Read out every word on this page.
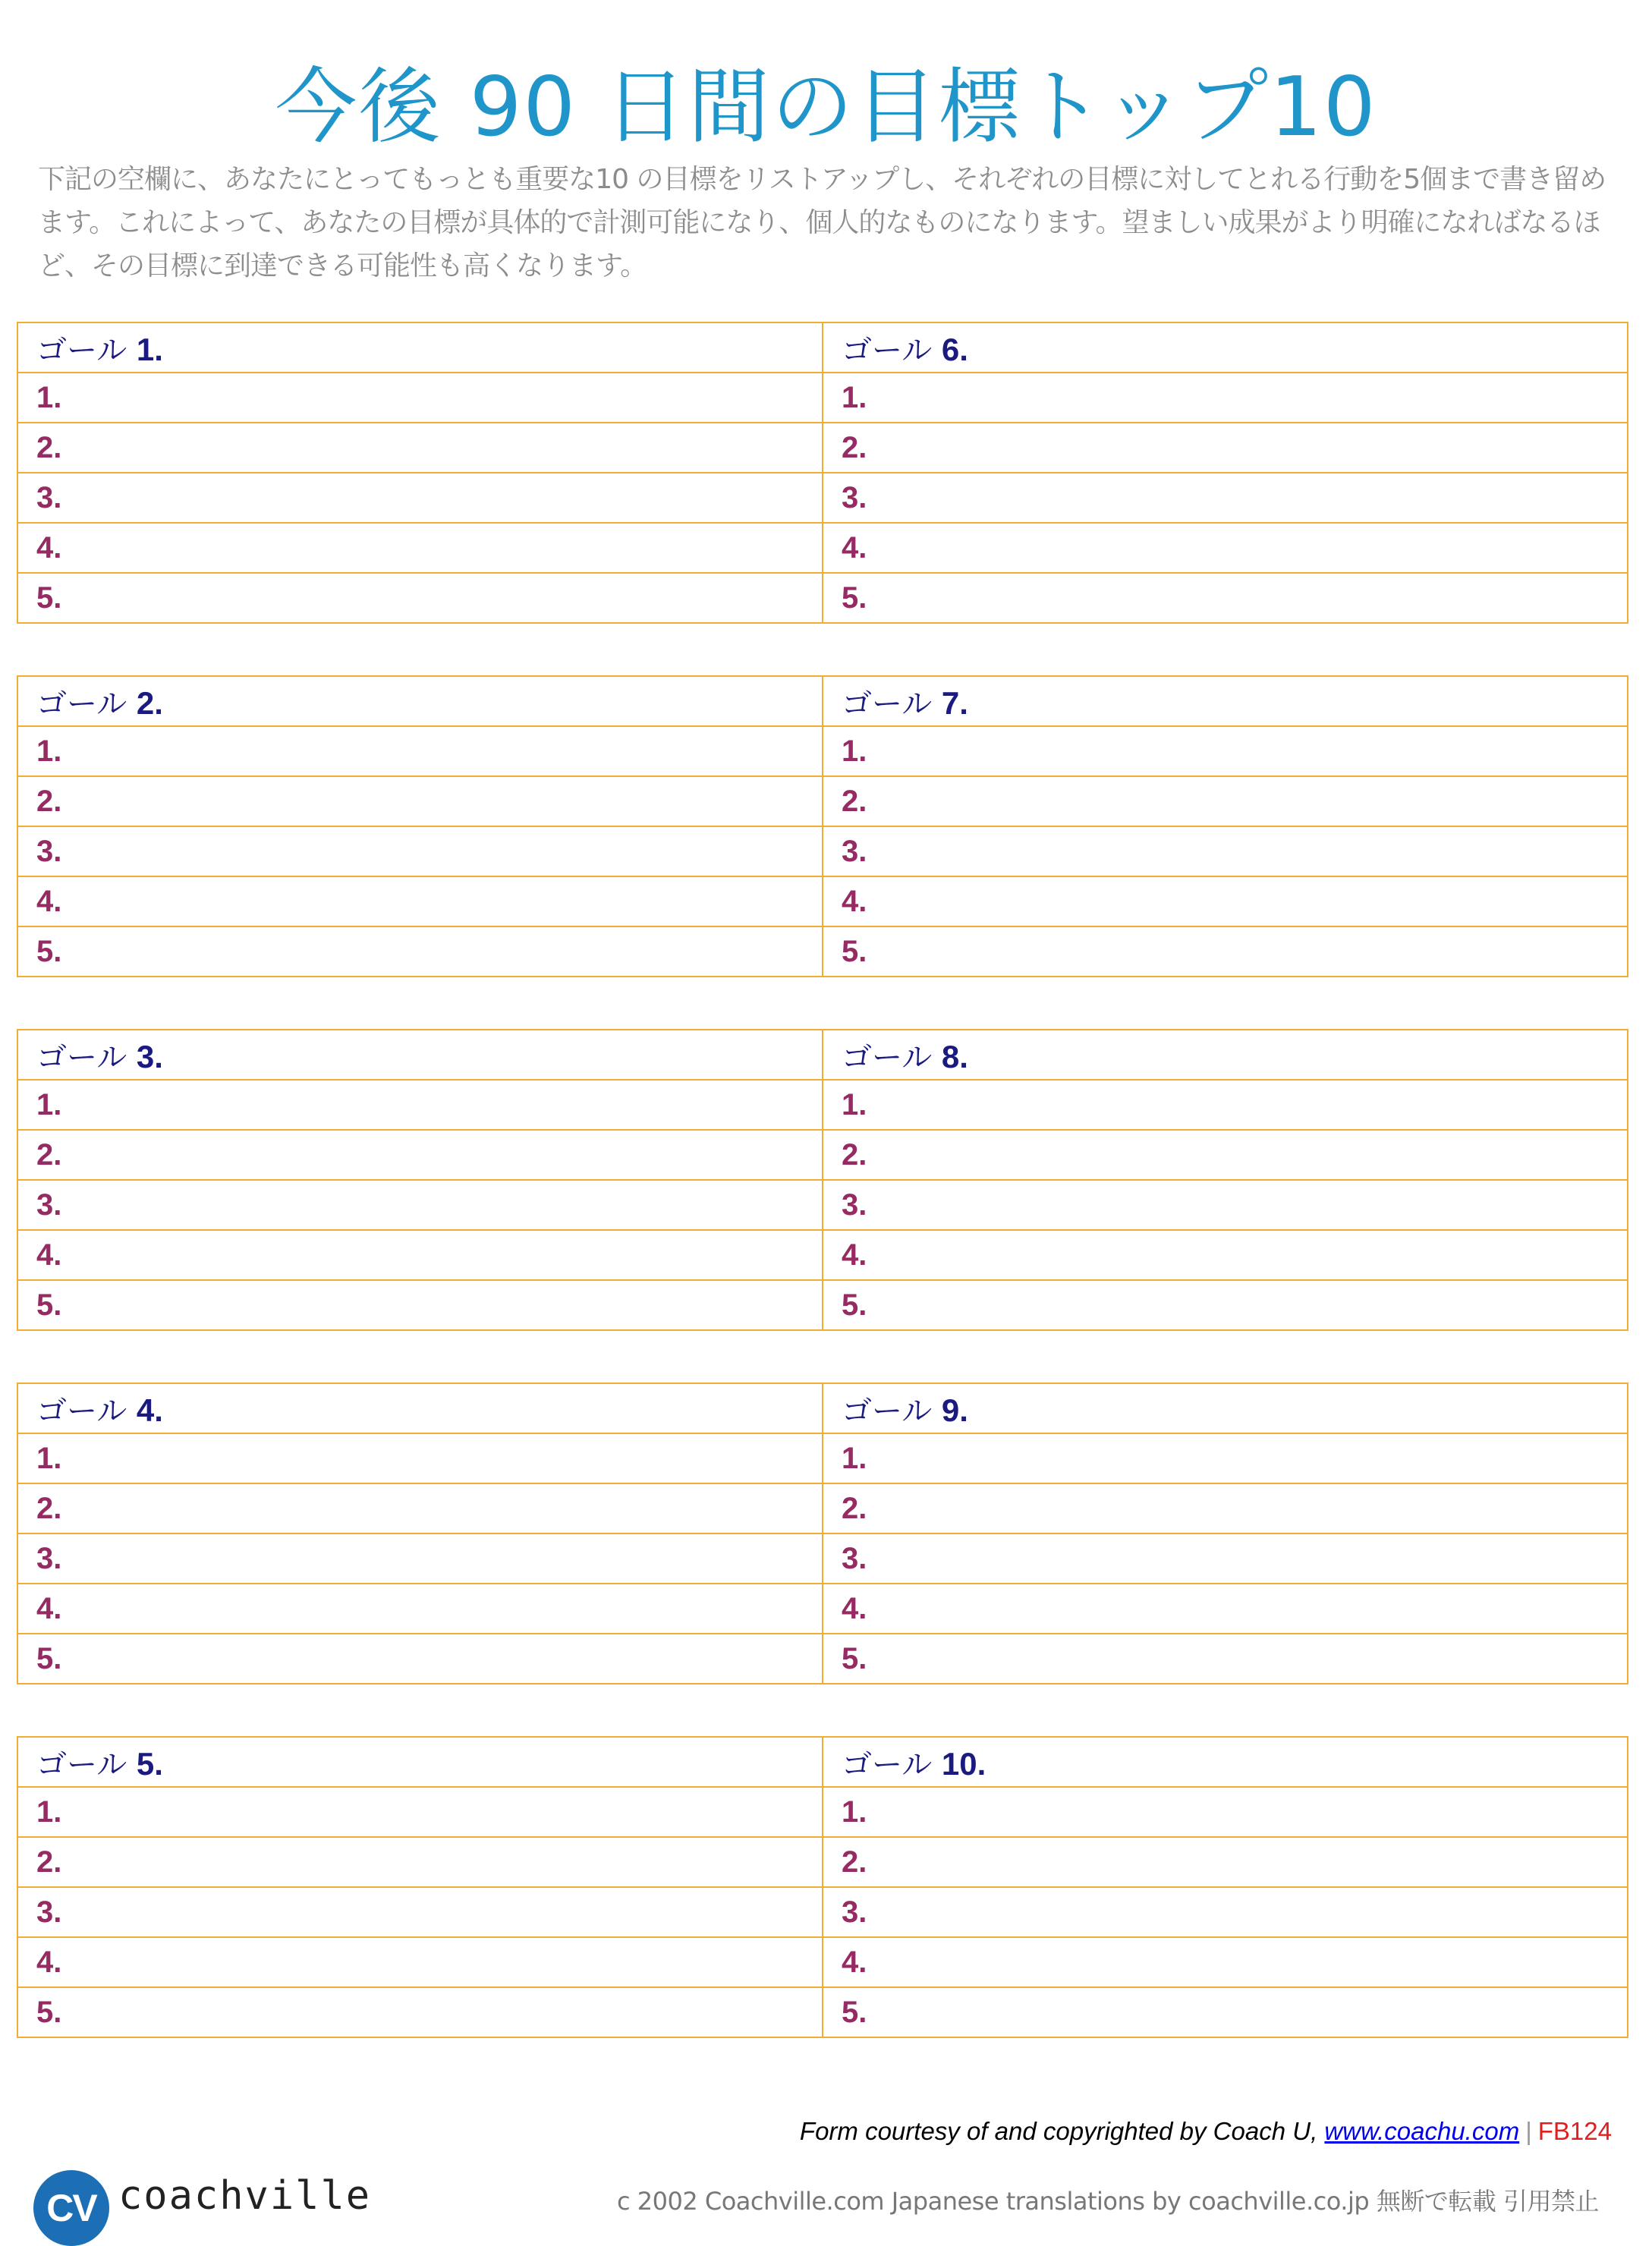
今後 90 日間の目標トップ10
下記の空欄に、あなたにとってもっとも重要な10 の目標をリストアップし、それぞれの目標に対してとれる行動を5個まで書き留め
ます。これによって、あなたの目標が具体的で計測可能になり、個人的なものになります。望ましい成果がより明確になればなるほ
ど、その目標に到達できる可能性も高くなります。
ゴール 1.	ゴール 6.
1.	1.
2.	2.
3.	3.
4.	4.
5.	5.
ゴール 2.	ゴール 7.
1.	1.
2.	2.
3.	3.
4.	4.
5.	5.
ゴール 3.	ゴール 8.
1.	1.
2.	2.
3.	3.
4.	4.
5.	5.
ゴール 4.	ゴール 9.
1.	1.
2.	2.
3.	3.
4.	4.
5.	5.
ゴール 5.	ゴール 10.
1.	1.
2.	2.
3.	3.
4.	4.
5.	5.
Form courtesy of and copyrighted by Coach U, www.coachu.com | FB124
CV coachville	c 2002 Coachville.com Japanese translations by coachville.co.jp 無断で転載 引用禁止
